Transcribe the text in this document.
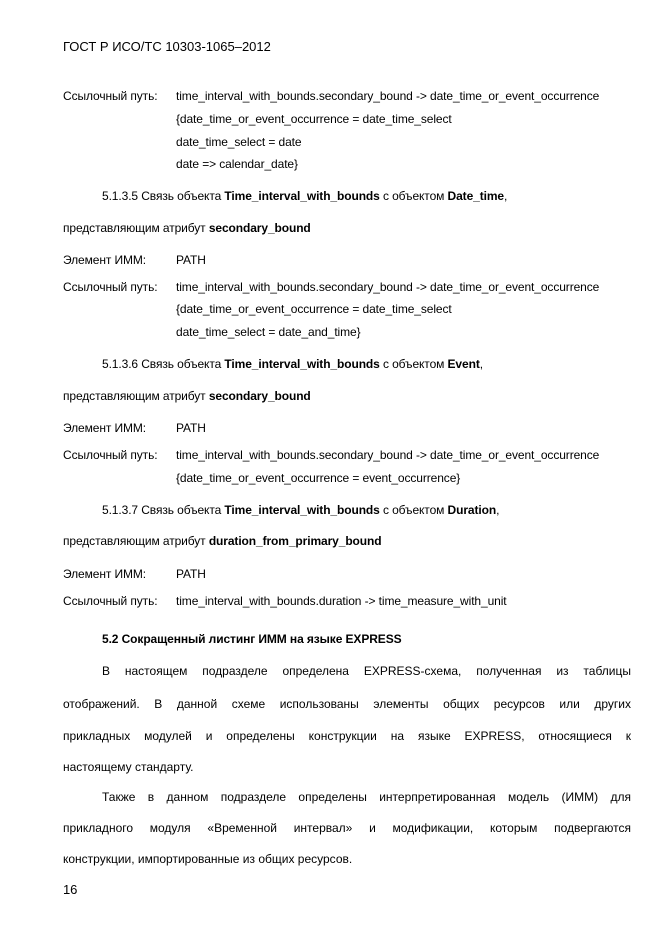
ГОСТ Р ИСО/ТС 10303-1065–2012
Ссылочный путь: time_interval_with_bounds.secondary_bound -> date_time_or_event_occurrence
{date_time_or_event_occurrence = date_time_select
date_time_select = date
date => calendar_date}
5.1.3.5 Связь объекта Time_interval_with_bounds с объектом Date_time,
представляющим атрибут secondary_bound
Элемент ИММ: PATH
Ссылочный путь: time_interval_with_bounds.secondary_bound -> date_time_or_event_occurrence
{date_time_or_event_occurrence = date_time_select
date_time_select = date_and_time}
5.1.3.6 Связь объекта Time_interval_with_bounds с объектом Event,
представляющим атрибут secondary_bound
Элемент ИММ: PATH
Ссылочный путь: time_interval_with_bounds.secondary_bound -> date_time_or_event_occurrence
{date_time_or_event_occurrence = event_occurrence}
5.1.3.7 Связь объекта Time_interval_with_bounds с объектом Duration,
представляющим атрибут duration_from_primary_bound
Элемент ИММ: PATH
Ссылочный путь: time_interval_with_bounds.duration -> time_measure_with_unit
5.2 Сокращенный листинг ИММ на языке EXPRESS
В настоящем подразделе определена EXPRESS-схема, полученная из таблицы
отображений. В данной схеме использованы элементы общих ресурсов или других
прикладных модулей и определены конструкции на языке EXPRESS, относящиеся к
настоящему стандарту.
Также в данном подразделе определены интерпретированная модель (ИММ) для
прикладного модуля «Временной интервал» и модификации, которым подвергаются
конструкции, импортированные из общих ресурсов.
16
